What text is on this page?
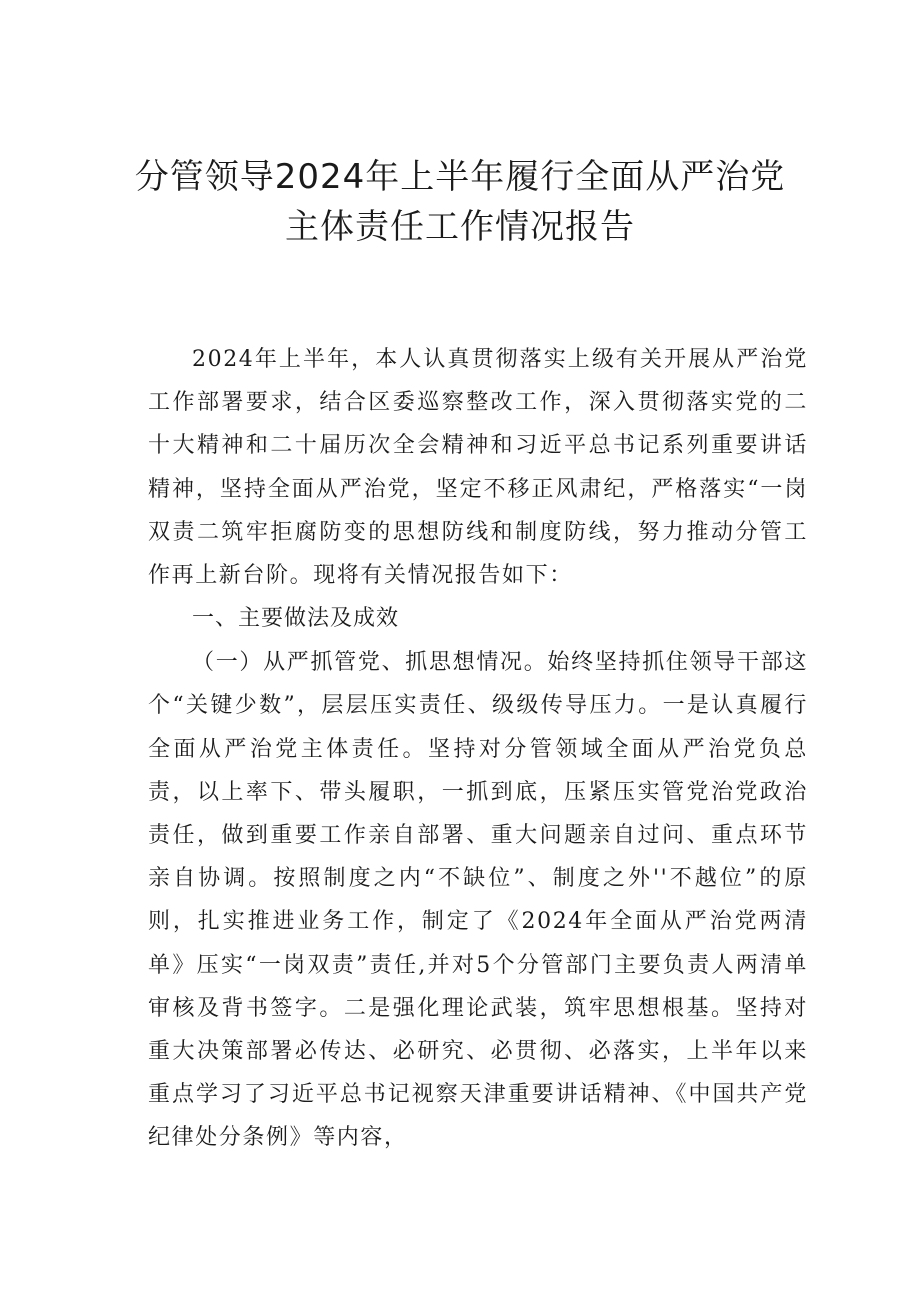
分管领导2024年上半年履行全面从严治党
主体责任工作情况报告

2024年上半年，本人认真贯彻落实上级有关开展从严治党工作部署要求，结合区委巡察整改工作，深入贯彻落实党的二十大精神和二十届历次全会精神和习近平总书记系列重要讲话精神，坚持全面从严治党，坚定不移正风肃纪，严格落实“一岗双责二筑牢拒腐防变的思想防线和制度防线，努力推动分管工作再上新台阶。现将有关情况报告如下：

一、主要做法及成效

（一）从严抓管党、抓思想情况。始终坚持抓住领导干部这个“关键少数”，层层压实责任、级级传导压力。一是认真履行全面从严治党主体责任。坚持对分管领域全面从严治党负总责，以上率下、带头履职，一抓到底，压紧压实管党治党政治责任，做到重要工作亲自部署、重大问题亲自过问、重点环节亲自协调。按照制度之内“不缺位”、制度之外''不越位”的原则，扎实推进业务工作，制定了《2024年全面从严治党两清单》压实“一岗双责”责任,并对5个分管部门主要负责人两清单审核及背书签字。二是强化理论武装，筑牢思想根基。坚持对重大决策部署必传达、必研究、必贯彻、必落实，上半年以来重点学习了习近平总书记视察天津重要讲话精神、《中国共产党纪律处分条例》等内容，
